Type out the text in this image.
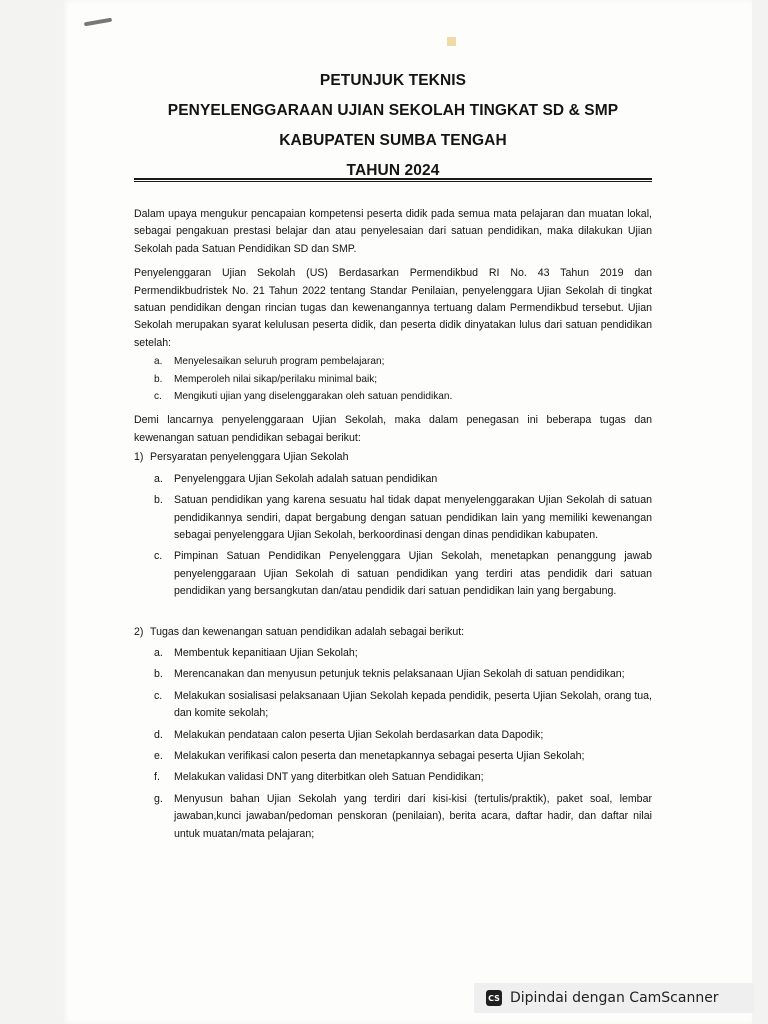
PETUNJUK TEKNIS
PENYELENGGARAAN UJIAN SEKOLAH TINGKAT SD & SMP
KABUPATEN SUMBA TENGAH
TAHUN 2024

Dalam upaya mengukur pencapaian kompetensi peserta didik pada semua mata pelajaran dan muatan lokal, sebagai pengakuan prestasi belajar dan atau penyelesaian dari satuan pendidikan, maka dilakukan Ujian Sekolah pada Satuan Pendidikan SD dan SMP.

Penyelenggaran Ujian Sekolah (US) Berdasarkan Permendikbud RI No. 43 Tahun 2019 dan Permendikbudristek No. 21 Tahun 2022 tentang Standar Penilaian, penyelenggara Ujian Sekolah di tingkat satuan pendidikan dengan rincian tugas dan kewenangannya tertuang dalam Permendikbud tersebut. Ujian Sekolah merupakan syarat kelulusan peserta didik, dan peserta didik dinyatakan lulus dari satuan pendidikan setelah:

a. Menyelesaikan seluruh program pembelajaran;
b. Memperoleh nilai sikap/perilaku minimal baik;
c. Mengikuti ujian yang diselenggarakan oleh satuan pendidikan.

Demi lancarnya penyelenggaraan Ujian Sekolah, maka dalam penegasan ini beberapa tugas dan kewenangan satuan pendidikan sebagai berikut:

1) Persyaratan penyelenggara Ujian Sekolah
a. Penyelenggara Ujian Sekolah adalah satuan pendidikan
b. Satuan pendidikan yang karena sesuatu hal tidak dapat menyelenggarakan Ujian Sekolah di satuan pendidikannya sendiri, dapat bergabung dengan satuan pendidikan lain yang memiliki kewenangan sebagai penyelenggara Ujian Sekolah, berkoordinasi dengan dinas pendidikan kabupaten.
c. Pimpinan Satuan Pendidikan Penyelenggara Ujian Sekolah, menetapkan penanggung jawab penyelenggaraan Ujian Sekolah di satuan pendidikan yang terdiri atas pendidik dari satuan pendidikan yang bersangkutan dan/atau pendidik dari satuan pendidikan lain yang bergabung.
2) Tugas dan kewenangan satuan pendidikan adalah sebagai berikut:
a. Membentuk kepanitiaan Ujian Sekolah;
b. Merencanakan dan menyusun petunjuk teknis pelaksanaan Ujian Sekolah di satuan pendidikan;
c. Melakukan sosialisasi pelaksanaan Ujian Sekolah kepada pendidik, peserta Ujian Sekolah, orang tua, dan komite sekolah;
d. Melakukan pendataan calon peserta Ujian Sekolah berdasarkan data Dapodik;
e. Melakukan verifikasi calon peserta dan menetapkannya sebagai peserta Ujian Sekolah;
f. Melakukan validasi DNT yang diterbitkan oleh Satuan Pendidikan;
g. Menyusun bahan Ujian Sekolah yang terdiri dari kisi-kisi (tertulis/praktik), paket soal, lembar jawaban,kunci jawaban/pedoman penskoran (penilaian), berita acara, daftar hadir, dan daftar nilai untuk muatan/mata pelajaran;
CS Dipindai dengan CamScanner
